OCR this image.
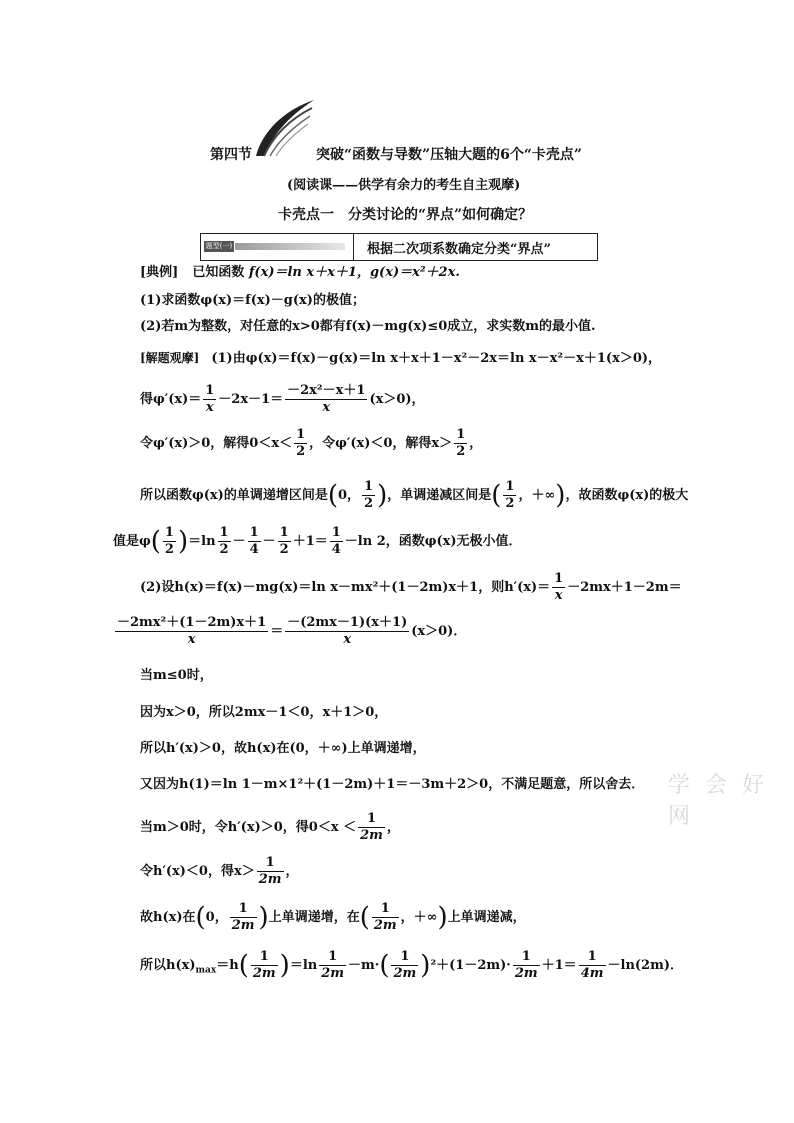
第四节	突破“函数与导数”压轴大题的6个“卡壳点”
(阅读课——供学有余力的考生自主观摩)
卡壳点一　分类讨论的“界点”如何确定？
题型(一)	根据二次项系数确定分类“界点”
[典例] 已知函数 f(x)＝ln x＋x＋1，g(x)＝x²＋2x.
(1)求函数φ(x)＝f(x)－g(x)的极值；
(2)若m为整数，对任意的x>0都有f(x)－mg(x)≤0成立，求实数m的最小值.
[解题观摩] (1)由φ(x)＝f(x)－g(x)＝ln x＋x＋1－x²－2x＝ln x－x²－x＋1(x＞0)，
得$\varphi'(x)= \frac{1}{x} -2x-1= \frac{\text{－2x²－x＋1}}{x} (x>0)$，
令φ′(x)＞0，解得$0<x< \frac{1}{2}$ ，令φ′(x)＜0，解得$x> \frac{1}{2}$ ，
所以函数φ(x)的单调递增区间是(0， $\frac{1}{2}$ )，单调递减区间是( $\frac{1}{2}$ ，＋∞)，故函数φ(x)的极大
值是$\varphi( \frac{1}{2} )=\ln \frac{1}{2} - \frac{1}{4} - \frac{1}{2} +1= \frac{1}{4} -\ln$ 2，函数φ(x)无极小值．
(2)设h(x)＝f(x)－mg(x)＝ln x－mx²＋(1－2m)x＋1，则$h'(x)= \frac{1}{x} -2mx+1-2m=$
$\frac{\text{－2mx²＋(1－2m)x＋1}}{x} = \frac{-(2mx-1)(x+1)}{x} (x>0)$．
当m≤0时，
因为x＞0，所以2mx－1＜0，x＋1＞0，
所以h′(x)＞0，故h(x)在(0，＋∞)上单调递增，
又因为h(1)＝ln 1－m×1²＋(1－2m)＋1＝－3m＋2＞0，不满足题意，所以舍去．
当m＞0时，令h′(x)＞0，得$0<x < \frac{1}{2m}$ ，
令h′(x)＜0，得$x> \frac{1}{2m}$ ，
故h(x)在(0， $\frac{1}{2m}$ )上单调递增，在( $\frac{1}{2m}$ ，＋∞)上单调递减，
所以$h(x)_{max}=h( \frac{1}{2m} )=\ln \frac{1}{2m} -m\cdot( \frac{1}{2m} )^2+(1-2m)\cdot \frac{1}{2m} +1= \frac{1}{4m} -\ln(2m)$．
学 会 好 网
